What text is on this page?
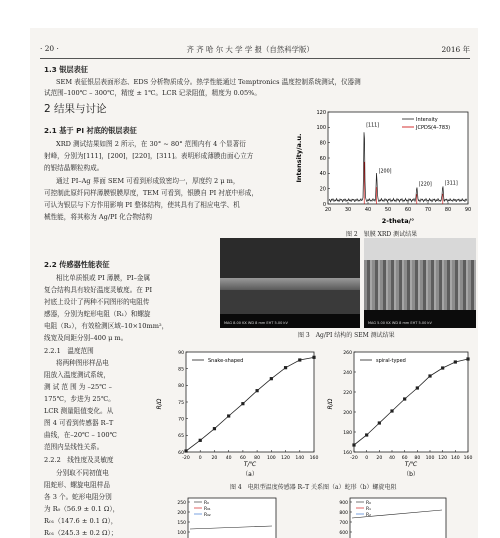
· 20 ·	齐 齐 哈 尔 大 学 学 报（自然科学版）	2016 年
1.3 银层表征
SEM 表征银层表面形态、EDS 分析物质成分。热学性能通过 Temptronics 温度控制系统测试，仪器测
试范围–100℃ – 300℃，精度 ± 1℃。LCR 记录阻值，精度为 0.05%。
2 结果与讨论
2.1 基于 PI 衬底的银层表征
XRD 测试结果如图 2 所示，在 30° ~ 80° 范围内有 4 个显著衍
射峰，分别为[111]，[200]，[220]，[311]。表明形成薄膜由面心立方
的银结晶颗粒构成。
通过 PI–Ag 界面 SEM 可看到形成致密均一，厚度约 2 μ m，
可控制此原纤同样薄膜银膜厚度，TEM 可看到，银膜自 PI 衬底中形成，
可认为银层与下方作用影响 PI 整体结构，使其具有了相应电学、机
械性能，将其称为 Ag/PI 化合物结构
0
20
40
60
80
100
120
20	30	40	50	60	70	80	90
[111]
[200]
[220]	[311]
Intensity
JCPDS(4–783)
2-theta/°
Intensity/a.u.
图 2　银膜 XRD 测试结果
2.2 传感器性能表征
相比单质银或 PI 薄膜，PI–金属
复合结构具有较好温度灵敏度。在 PI
衬底上设计了两种不同图形的电阻传
感器，分别为蛇形电阻（R₁）和螺旋
电阻（R₂），有效检测区域–10×10mm²，
线宽及间距分别–400 μ m。
MAG 8.00 KX WD 8 mm EHT 5.00 kV	MAG 5.00 KX WD 8 mm EHT 5.00 kV
图 3　Ag/PI 结构的 SEM 测试结果
2.2.1　温度范围
将两种图形样品电
阻放入温度测试系统，
测 试 范 围 为 –25℃ –
175℃，步进为 25℃。
LCR 测量阻值变化。从
图 4 可看到传感器 R–T
曲线，在–20℃ – 100℃
范围内呈线性关系。
2.2.2　线性度及灵敏度
分别取不同初值电
阻蛇形、螺旋电阻样品
各 3 个。蛇形电阻分别
为 R₀（56.9 ± 0.1 Ω），
R₀₁（147.6 ± 0.1 Ω），
R₀₁（245.3 ± 0.2 Ω）；
60
65
70
75
80
85
90
-20 0 20 40 60 80 100 120 140 160
Snake-shaped
T/℃
（a）
R/Ω
160
180
200
220
240
260
-20 0 20 40 60 80 100 120 140 160
spiral-typed
T/℃
（b）
R/Ω
图 4　电阻型温度传感器 R–T 关系图（a）蛇形（b）螺旋电阻
250
200
150
100
R₀
R₀₁
R₀₂
900
800
700
600
R₀
R₁
R₂
